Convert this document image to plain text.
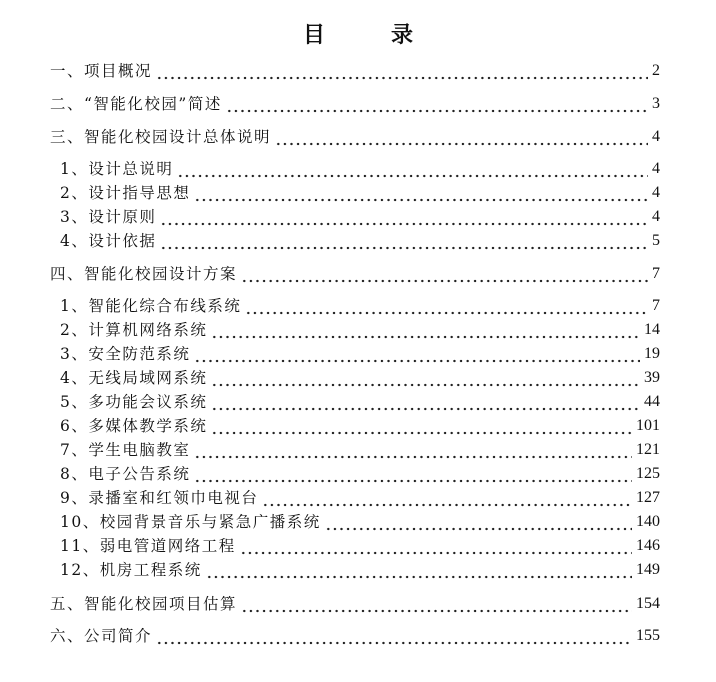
目　录
一、项目概况	2
二、“智能化校园”简述	3
三、智能化校园设计总体说明	4
1、设计总说明	4
2、设计指导思想	4
3、设计原则	4
4、设计依据	5
四、智能化校园设计方案	7
1、智能化综合布线系统	7
2、计算机网络系统	14
3、安全防范系统	19
4、无线局域网系统	39
5、多功能会议系统	44
6、多媒体教学系统	101
7、学生电脑教室	121
8、电子公告系统	125
9、录播室和红领巾电视台	127
10、校园背景音乐与紧急广播系统	140
11、弱电管道网络工程	146
12、机房工程系统	149
五、智能化校园项目估算	154
六、公司简介	155
